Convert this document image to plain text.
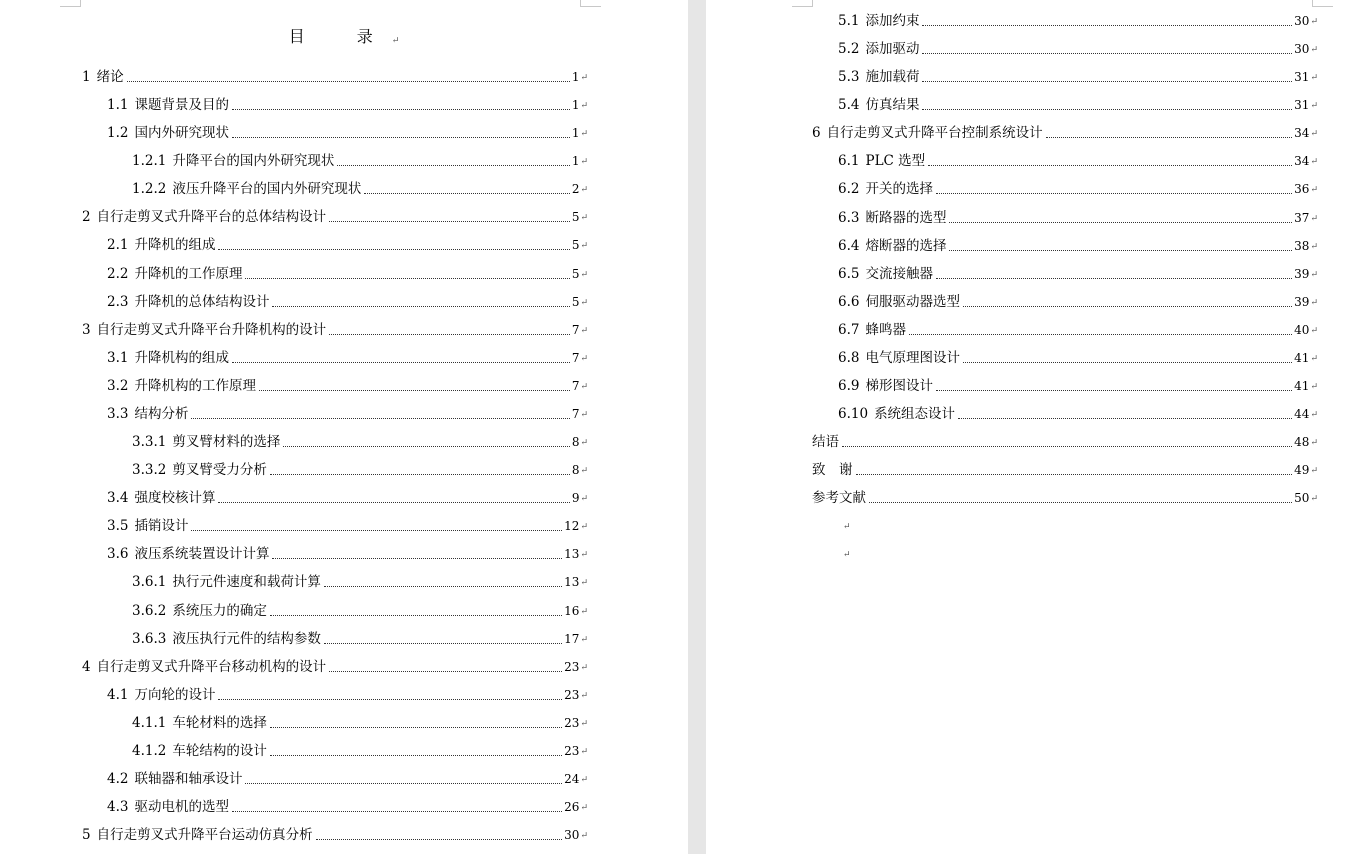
目　录↵
1 绪论	1 ↵
1.1 课题背景及目的	1 ↵
1.2 国内外研究现状	1 ↵
1.2.1 升降平台的国内外研究现状	1 ↵
1.2.2 液压升降平台的国内外研究现状	2 ↵
2 自行走剪叉式升降平台的总体结构设计	5 ↵
2.1 升降机的组成	5 ↵
2.2 升降机的工作原理	5 ↵
2.3 升降机的总体结构设计	5 ↵
3 自行走剪叉式升降平台升降机构的设计	7 ↵
3.1 升降机构的组成	7 ↵
3.2 升降机构的工作原理	7 ↵
3.3 结构分析	7 ↵
3.3.1 剪叉臂材料的选择	8 ↵
3.3.2 剪叉臂受力分析	8 ↵
3.4 强度校核计算	9 ↵
3.5 插销设计	12 ↵
3.6 液压系统装置设计计算	13 ↵
3.6.1 执行元件速度和载荷计算	13 ↵
3.6.2 系统压力的确定	16 ↵
3.6.3 液压执行元件的结构参数	17 ↵
4 自行走剪叉式升降平台移动机构的设计	23 ↵
4.1 万向轮的设计	23 ↵
4.1.1 车轮材料的选择	23 ↵
4.1.2 车轮结构的设计	23 ↵
4.2 联轴器和轴承设计	24 ↵
4.3 驱动电机的选型	26 ↵
5 自行走剪叉式升降平台运动仿真分析	30 ↵
5.1 添加约束	30 ↵
5.2 添加驱动	30 ↵
5.3 施加载荷	31 ↵
5.4 仿真结果	31 ↵
6 自行走剪叉式升降平台控制系统设计	34 ↵
6.1 PLC 选型	34 ↵
6.2 开关的选择	36 ↵
6.3 断路器的选型	37 ↵
6.4 熔断器的选择	38 ↵
6.5 交流接触器	39 ↵
6.6 伺服驱动器选型	39 ↵
6.7 蜂鸣器	40 ↵
6.8 电气原理图设计	41 ↵
6.9 梯形图设计	41 ↵
6.10 系统组态设计	44 ↵
结语	48 ↵
致　谢	49 ↵
参考文献	50 ↵
↵
↵
